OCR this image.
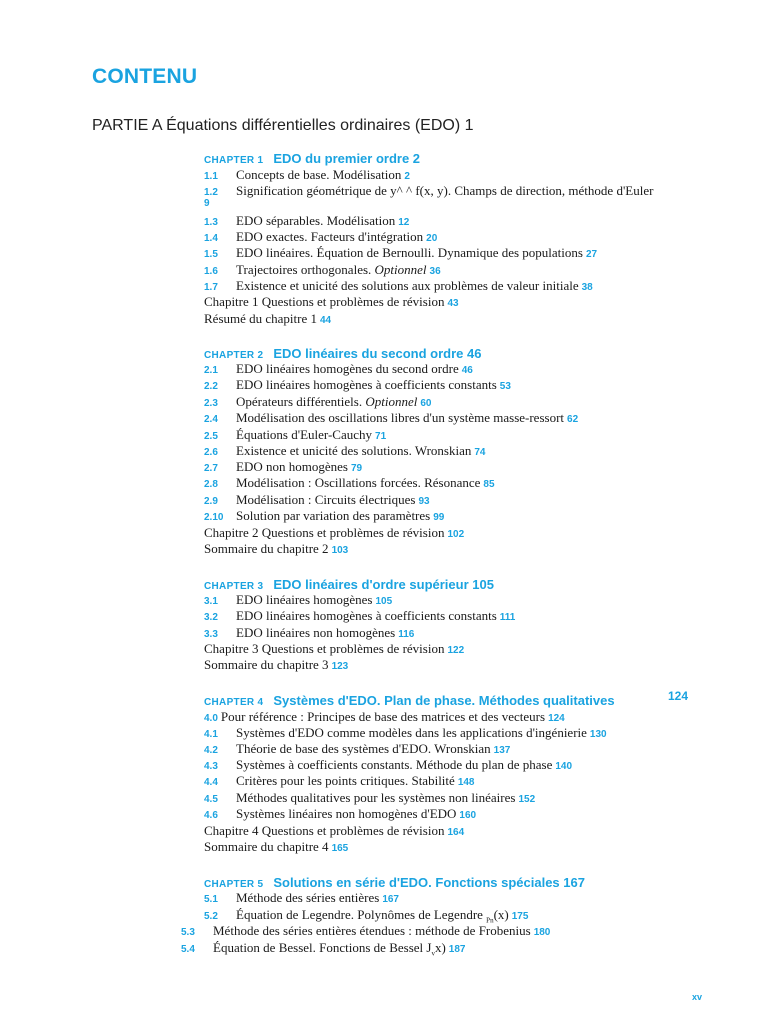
CONTENU
PARTIE A Équations différentielles ordinaires (EDO) 1
CHAPTER 1 EDO du premier ordre 2
1.1 Concepts de base. Modélisation 2
1.2 Signification géométrique de y^ ^ f(x, y). Champs de direction, méthode d'Euler
9
1.3 EDO séparables. Modélisation 12
1.4 EDO exactes. Facteurs d'intégration 20
1.5 EDO linéaires. Équation de Bernoulli. Dynamique des populations 27
1.6 Trajectoires orthogonales. Optionnel 36
1.7 Existence et unicité des solutions aux problèmes de valeur initiale 38
Chapitre 1 Questions et problèmes de révision 43
Résumé du chapitre 1 44
CHAPTER 2 EDO linéaires du second ordre 46
2.1 EDO linéaires homogènes du second ordre 46
2.2 EDO linéaires homogènes à coefficients constants 53
2.3 Opérateurs différentiels. Optionnel 60
2.4 Modélisation des oscillations libres d'un système masse-ressort 62
2.5 Équations d'Euler-Cauchy 71
2.6 Existence et unicité des solutions. Wronskian 74
2.7 EDO non homogènes 79
2.8 Modélisation : Oscillations forcées. Résonance 85
2.9 Modélisation : Circuits électriques 93
2.10 Solution par variation des paramètres 99
Chapitre 2 Questions et problèmes de révision 102
Sommaire du chapitre 2 103
CHAPTER 3 EDO linéaires d'ordre supérieur 105
3.1 EDO linéaires homogènes 105
3.2 EDO linéaires homogènes à coefficients constants 111
3.3 EDO linéaires non homogènes 116
Chapitre 3 Questions et problèmes de révision 122
Sommaire du chapitre 3 123
CHAPTER 4 Systèmes d'EDO. Plan de phase. Méthodes qualitatives	124
4.0 Pour référence : Principes de base des matrices et des vecteurs 124
4.1 Systèmes d'EDO comme modèles dans les applications d'ingénierie 130
4.2 Théorie de base des systèmes d'EDO. Wronskian 137
4.3 Systèmes à coefficients constants. Méthode du plan de phase 140
4.4 Critères pour les points critiques. Stabilité 148
4.5 Méthodes qualitatives pour les systèmes non linéaires 152
4.6 Systèmes linéaires non homogènes d'EDO 160
Chapitre 4 Questions et problèmes de révision 164
Sommaire du chapitre 4 165
CHAPTER 5 Solutions en série d'EDO. Fonctions spéciales 167
5.1 Méthode des séries entières 167
5.2 Équation de Legendre. Polynômes de Legendre $_{Pn}$(x) 175
5.3 Méthode des séries entières étendues : méthode de Frobenius 180
5.4 Équation de Bessel. Fonctions de Bessel $J_vx$) 187
xv
